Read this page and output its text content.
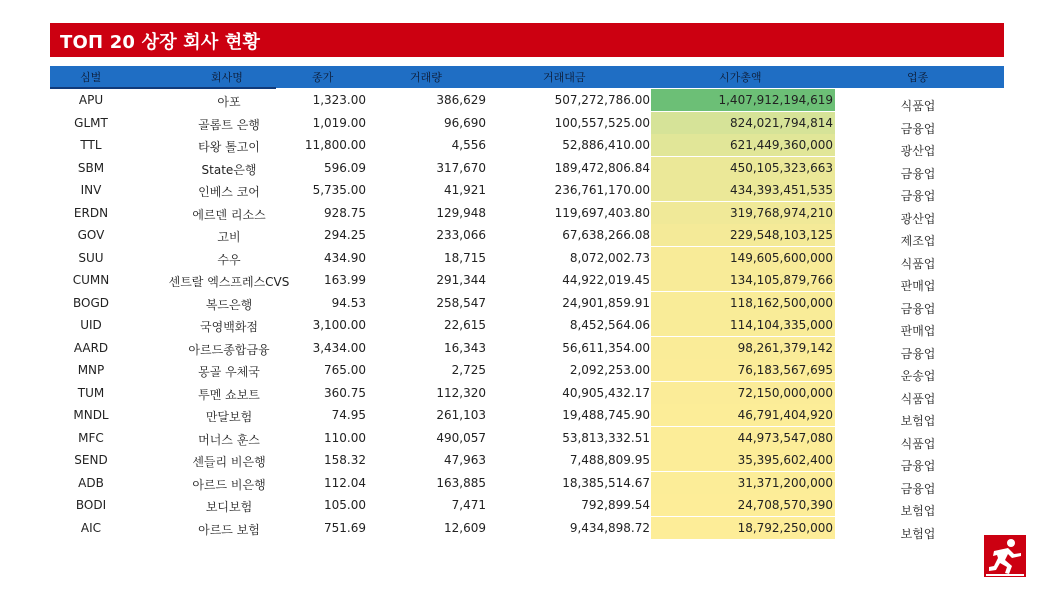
TOП 20 상장 회사 현황
심벌	회사명	종가	거래량	거래대금	시가총액	업종
APU	아포	1,323.00	386,629	507,272,786.00	1,407,912,194,619	식품업
GLMT	골롬트 은행	1,019.00	96,690	100,557,525.00	824,021,794,814	금융업
TTL	타왕 톨고이	11,800.00	4,556	52,886,410.00	621,449,360,000	광산업
SBM	State은행	596.09	317,670	189,472,806.84	450,105,323,663	금융업
INV	인베스 코어	5,735.00	41,921	236,761,170.00	434,393,451,535	금융업
ERDN	에르덴 리소스	928.75	129,948	119,697,403.80	319,768,974,210	광산업
GOV	고비	294.25	233,066	67,638,266.08	229,548,103,125	제조업
SUU	수우	434.90	18,715	8,072,002.73	149,605,600,000	식품업
CUMN	센트랄 엑스프레스CVS	163.99	291,344	44,922,019.45	134,105,879,766	판매업
BOGD	복드은행	94.53	258,547	24,901,859.91	118,162,500,000	금융업
UID	국영백화점	3,100.00	22,615	8,452,564.06	114,104,335,000	판매업
AARD	아르드종합금융	3,434.00	16,343	56,611,354.00	98,261,379,142	금융업
MNP	몽골 우체국	765.00	2,725	2,092,253.00	76,183,567,695	운송업
TUM	투멘 쇼보트	360.75	112,320	40,905,432.17	72,150,000,000	식품업
MNDL	만달보험	74.95	261,103	19,488,745.90	46,791,404,920	보험업
MFC	머너스 훈스	110.00	490,057	53,813,332.51	44,973,547,080	식품업
SEND	센들리 비은행	158.32	47,963	7,488,809.95	35,395,602,400	금융업
ADB	아르드 비은행	112.04	163,885	18,385,514.67	31,371,200,000	금융업
BODI	보디보험	105.00	7,471	792,899.54	24,708,570,390	보험업
AIC	아르드 보험	751.69	12,609	9,434,898.72	18,792,250,000	보험업
